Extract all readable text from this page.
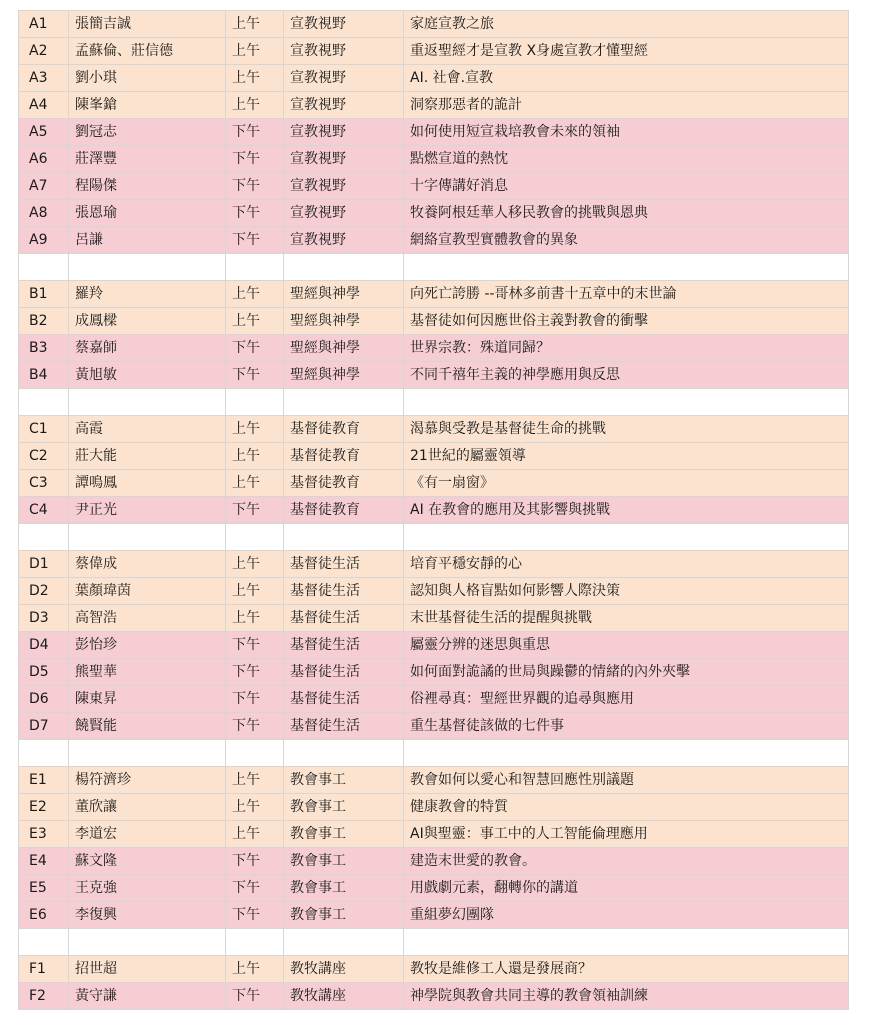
A1	張簡吉誠	上午	宣教視野	家庭宣教之旅
A2	孟蘇倫、莊信德	上午	宣教視野	重返聖經才是宣教 X身處宣教才懂聖經
A3	劉小琪	上午	宣教視野	AI. 社會.宣教
A4	陳峯鎗	上午	宣教視野	洞察那惡者的詭計
A5	劉冠志	下午	宣教視野	如何使用短宣栽培教會未來的領袖
A6	莊澤豐	下午	宣教視野	點燃宣道的熱忱
A7	程陽傑	下午	宣教視野	十字傳講好消息
A8	張恩瑜	下午	宣教視野	牧養阿根廷華人移民教會的挑戰與恩典
A9	呂謙	下午	宣教視野	網絡宣教型實體教會的異象

B1	羅羚	上午	聖經與神學	向死亡誇勝 --哥林多前書十五章中的末世論
B2	成鳳樑	上午	聖經與神學	基督徒如何因應世俗主義對教會的衝擊
B3	蔡嘉師	下午	聖經與神學	世界宗教：殊道同歸？
B4	黃旭敏	下午	聖經與神學	不同千禧年主義的神學應用與反思

C1	高霞	上午	基督徒教育	渴慕與受教是基督徒生命的挑戰
C2	莊大能	上午	基督徒教育	21世紀的屬靈領導
C3	譚鳴鳳	上午	基督徒教育	《有一扇窗》
C4	尹正光	下午	基督徒教育	AI 在教會的應用及其影響與挑戰

D1	蔡偉成	上午	基督徒生活	培育平穩安靜的心
D2	葉顏瑋茵	上午	基督徒生活	認知與人格盲點如何影響人際決策
D3	高智浩	上午	基督徒生活	末世基督徒生活的提醒與挑戰
D4	彭怡珍	下午	基督徒生活	屬靈分辨的迷思與重思
D5	熊聖華	下午	基督徒生活	如何面對詭譎的世局與躁鬱的情緒的內外夾擊
D6	陳東昇	下午	基督徒生活	俗裡尋真：聖經世界觀的追尋與應用
D7	饒賢能	下午	基督徒生活	重生基督徒該做的七件事

E1	楊符濟珍	上午	教會事工	教會如何以愛心和智慧回應性別議題
E2	董欣讓	上午	教會事工	健康教會的特質
E3	李道宏	上午	教會事工	AI與聖靈：事工中的人工智能倫理應用
E4	蘇文隆	下午	教會事工	建造末世愛的教會。
E5	王克強	下午	教會事工	用戲劇元素，翻轉你的講道
E6	李復興	下午	教會事工	重組夢幻團隊

F1	招世超	上午	教牧講座	教牧是維修工人還是發展商？
F2	黃守謙	下午	教牧講座	神學院與教會共同主導的教會領袖訓練
